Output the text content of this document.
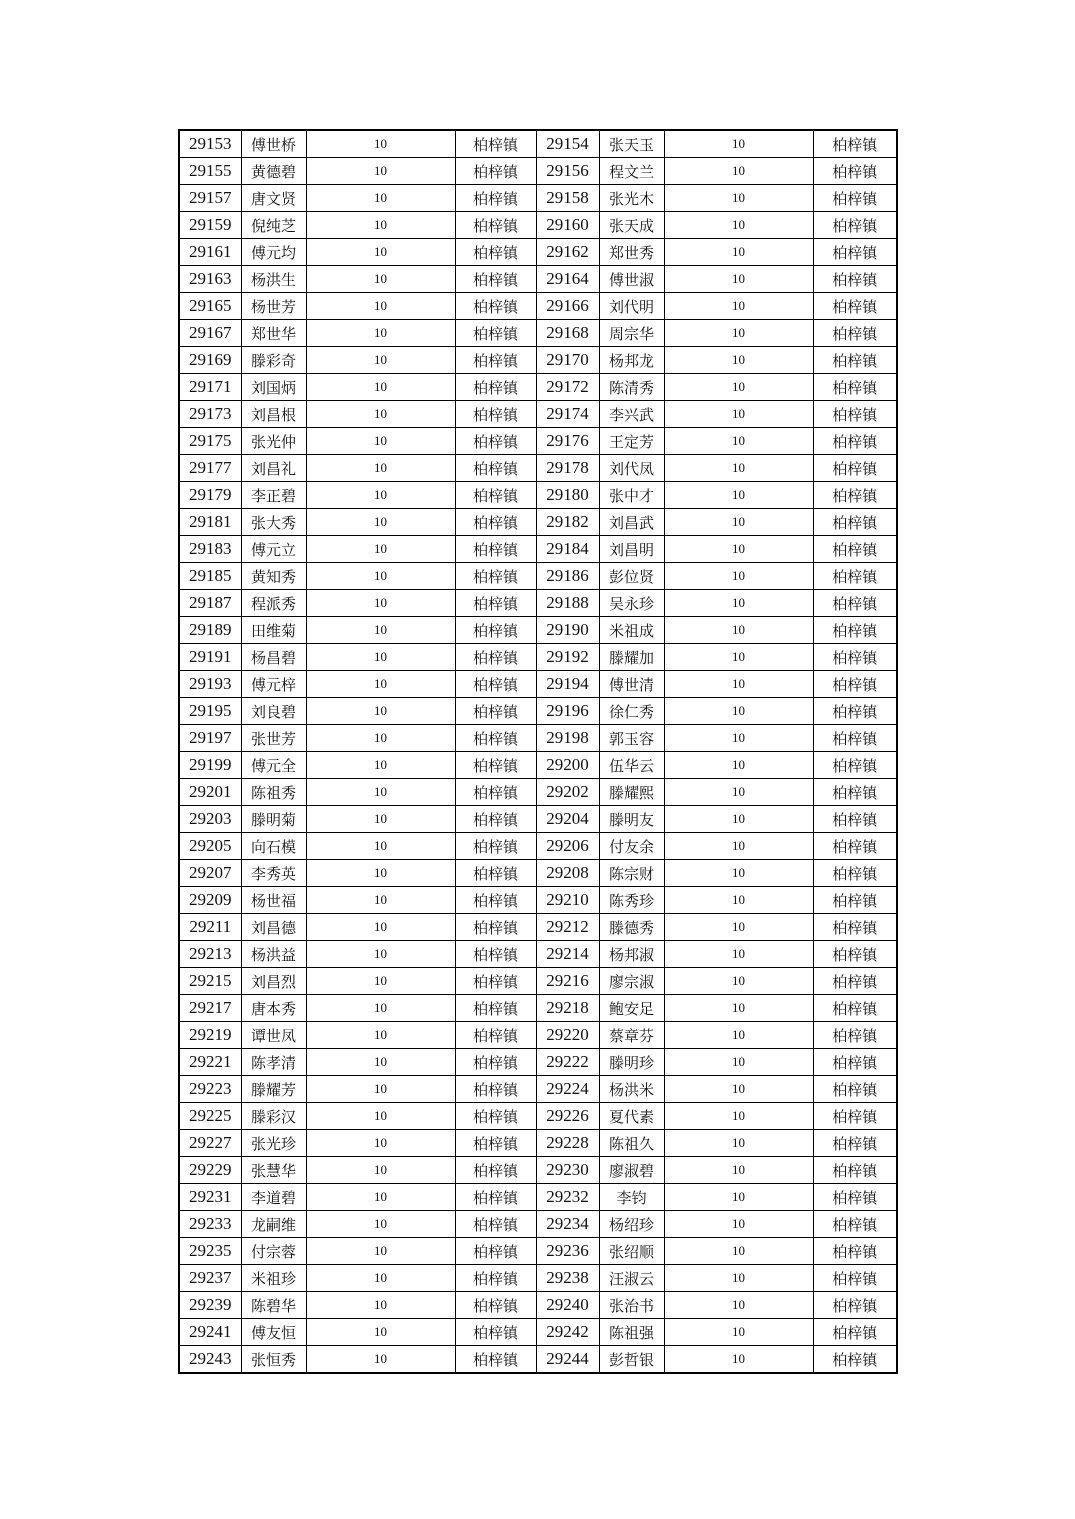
29153	傅世桥	10	柏梓镇	29154	张天玉	10	柏梓镇
29155	黄德碧	10	柏梓镇	29156	程文兰	10	柏梓镇
29157	唐文贤	10	柏梓镇	29158	张光木	10	柏梓镇
29159	倪纯芝	10	柏梓镇	29160	张天成	10	柏梓镇
29161	傅元均	10	柏梓镇	29162	郑世秀	10	柏梓镇
29163	杨洪生	10	柏梓镇	29164	傅世淑	10	柏梓镇
29165	杨世芳	10	柏梓镇	29166	刘代明	10	柏梓镇
29167	郑世华	10	柏梓镇	29168	周宗华	10	柏梓镇
29169	滕彩奇	10	柏梓镇	29170	杨邦龙	10	柏梓镇
29171	刘国炳	10	柏梓镇	29172	陈清秀	10	柏梓镇
29173	刘昌根	10	柏梓镇	29174	李兴武	10	柏梓镇
29175	张光仲	10	柏梓镇	29176	王定芳	10	柏梓镇
29177	刘昌礼	10	柏梓镇	29178	刘代凤	10	柏梓镇
29179	李正碧	10	柏梓镇	29180	张中才	10	柏梓镇
29181	张大秀	10	柏梓镇	29182	刘昌武	10	柏梓镇
29183	傅元立	10	柏梓镇	29184	刘昌明	10	柏梓镇
29185	黄知秀	10	柏梓镇	29186	彭位贤	10	柏梓镇
29187	程派秀	10	柏梓镇	29188	吴永珍	10	柏梓镇
29189	田维菊	10	柏梓镇	29190	米祖成	10	柏梓镇
29191	杨昌碧	10	柏梓镇	29192	滕耀加	10	柏梓镇
29193	傅元梓	10	柏梓镇	29194	傅世清	10	柏梓镇
29195	刘良碧	10	柏梓镇	29196	徐仁秀	10	柏梓镇
29197	张世芳	10	柏梓镇	29198	郭玉容	10	柏梓镇
29199	傅元全	10	柏梓镇	29200	伍华云	10	柏梓镇
29201	陈祖秀	10	柏梓镇	29202	滕耀熙	10	柏梓镇
29203	滕明菊	10	柏梓镇	29204	滕明友	10	柏梓镇
29205	向石模	10	柏梓镇	29206	付友余	10	柏梓镇
29207	李秀英	10	柏梓镇	29208	陈宗财	10	柏梓镇
29209	杨世福	10	柏梓镇	29210	陈秀珍	10	柏梓镇
29211	刘昌德	10	柏梓镇	29212	滕德秀	10	柏梓镇
29213	杨洪益	10	柏梓镇	29214	杨邦淑	10	柏梓镇
29215	刘昌烈	10	柏梓镇	29216	廖宗淑	10	柏梓镇
29217	唐本秀	10	柏梓镇	29218	鲍安足	10	柏梓镇
29219	谭世凤	10	柏梓镇	29220	蔡章芬	10	柏梓镇
29221	陈孝清	10	柏梓镇	29222	滕明珍	10	柏梓镇
29223	滕耀芳	10	柏梓镇	29224	杨洪米	10	柏梓镇
29225	滕彩汉	10	柏梓镇	29226	夏代素	10	柏梓镇
29227	张光珍	10	柏梓镇	29228	陈祖久	10	柏梓镇
29229	张慧华	10	柏梓镇	29230	廖淑碧	10	柏梓镇
29231	李道碧	10	柏梓镇	29232	李钧	10	柏梓镇
29233	龙嗣维	10	柏梓镇	29234	杨绍珍	10	柏梓镇
29235	付宗蓉	10	柏梓镇	29236	张绍顺	10	柏梓镇
29237	米祖珍	10	柏梓镇	29238	汪淑云	10	柏梓镇
29239	陈碧华	10	柏梓镇	29240	张治书	10	柏梓镇
29241	傅友恒	10	柏梓镇	29242	陈祖强	10	柏梓镇
29243	张恒秀	10	柏梓镇	29244	彭哲银	10	柏梓镇
